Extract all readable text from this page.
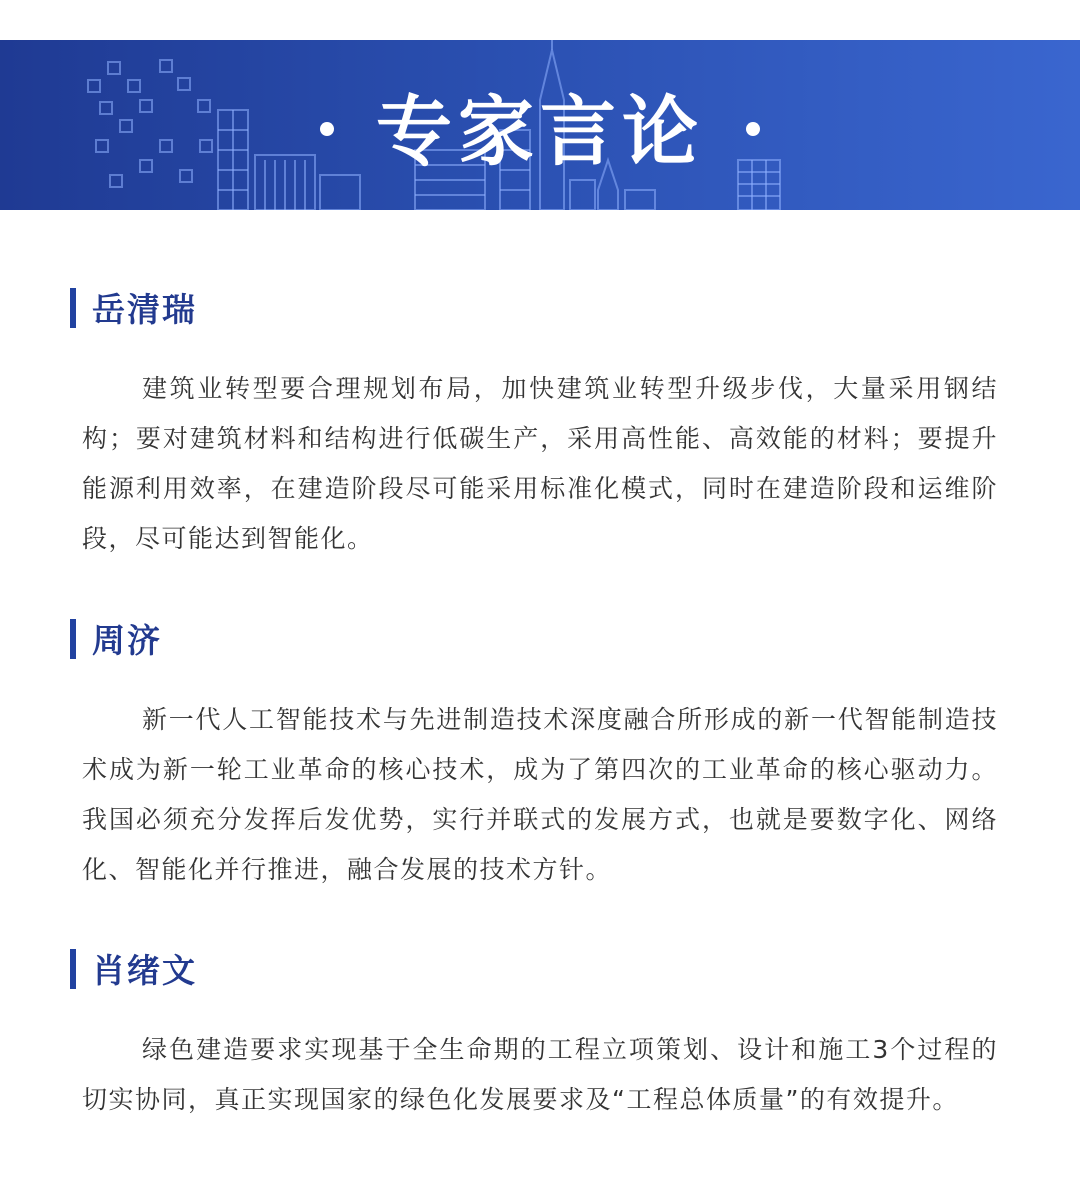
专家言论
岳清瑞

建筑业转型要合理规划布局，加快建筑业转型升级步伐，大量采用钢结构；要对建筑材料和结构进行低碳生产，采用高性能、高效能的材料；要提升能源利用效率，在建造阶段尽可能采用标准化模式，同时在建造阶段和运维阶段，尽可能达到智能化。

周济

新一代人工智能技术与先进制造技术深度融合所形成的新一代智能制造技术成为新一轮工业革命的核心技术，成为了第四次的工业革命的核心驱动力。我国必须充分发挥后发优势，实行并联式的发展方式，也就是要数字化、网络化、智能化并行推进，融合发展的技术方针。

肖绪文

绿色建造要求实现基于全生命期的工程立项策划、设计和施工3个过程的切实协同，真正实现国家的绿色化发展要求及“工程总体质量”的有效提升。
